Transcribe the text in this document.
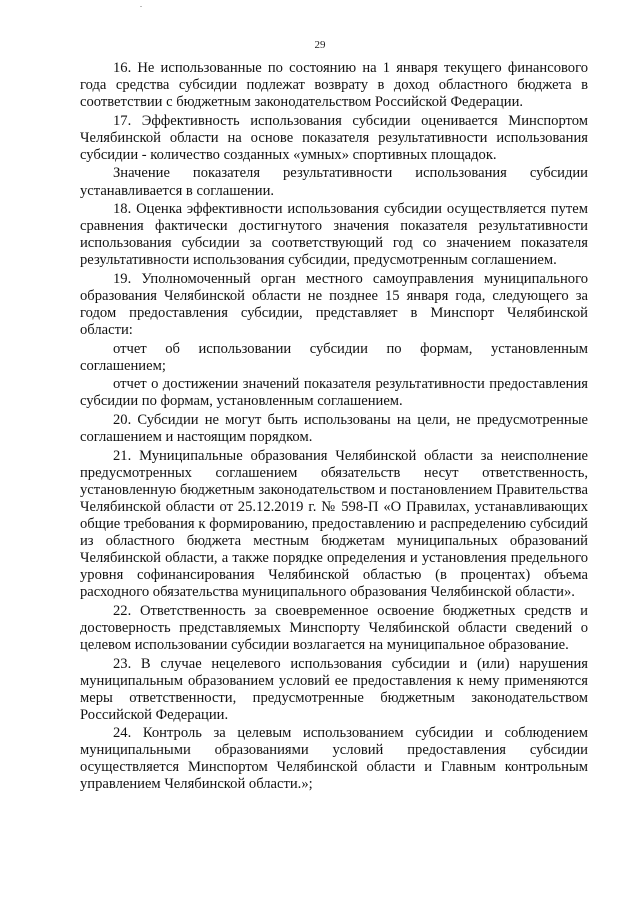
29

16. Не использованные по состоянию на 1 января текущего финансового года средства субсидии подлежат возврату в доход областного бюджета в соответствии с бюджетным законодательством Российской Федерации.

17. Эффективность использования субсидии оценивается Минспортом Челябинской области на основе показателя результативности использования субсидии - количество созданных «умных» спортивных площадок.

Значение показателя результативности использования субсидии устанавливается в соглашении.

18. Оценка эффективности использования субсидии осуществляется путем сравнения фактически достигнутого значения показателя результативности использования субсидии за соответствующий год со значением показателя результативности использования субсидии, предусмотренным соглашением.

19. Уполномоченный орган местного самоуправления муниципального образования Челябинской области не позднее 15 января года, следующего за годом предоставления субсидии, представляет в Минспорт Челябинской области:

отчет об использовании субсидии по формам, установленным соглашением;

отчет о достижении значений показателя результативности предоставления субсидии по формам, установленным соглашением.

20. Субсидии не могут быть использованы на цели, не предусмотренные соглашением и настоящим порядком.

21. Муниципальные образования Челябинской области за неисполнение предусмотренных соглашением обязательств несут ответственность, установленную бюджетным законодательством и постановлением Правительства Челябинской области от 25.12.2019 г. № 598-П «О Правилах, устанавливающих общие требования к формированию, предоставлению и распределению субсидий из областного бюджета местным бюджетам муниципальных образований Челябинской области, а также порядке определения и установления предельного уровня софинансирования Челябинской областью (в процентах) объема расходного обязательства муниципального образования Челябинской области».

22. Ответственность за своевременное освоение бюджетных средств и достоверность представляемых Минспорту Челябинской области сведений о целевом использовании субсидии возлагается на муниципальное образование.

23. В случае нецелевого использования субсидии и (или) нарушения муниципальным образованием условий ее предоставления к нему применяются меры ответственности, предусмотренные бюджетным законодательством Российской Федерации.

24. Контроль за целевым использованием субсидии и соблюдением муниципальными образованиями условий предоставления субсидии осуществляется Минспортом Челябинской области и Главным контрольным управлением Челябинской области.»;
